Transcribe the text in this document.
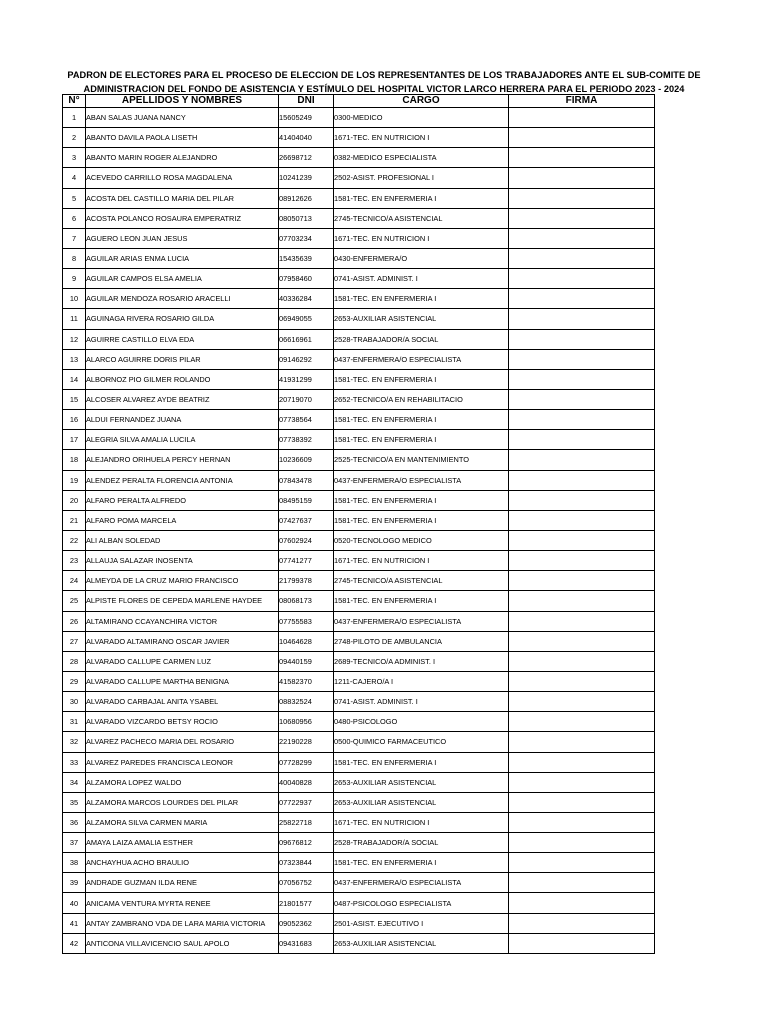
PADRON DE ELECTORES PARA EL PROCESO DE ELECCION DE LOS REPRESENTANTES DE LOS TRABAJADORES ANTE EL SUB-COMITE DE
ADMINISTRACION DEL FONDO DE ASISTENCIA Y ESTÍMULO DEL HOSPITAL VICTOR LARCO HERRERA PARA EL PERIODO 2023 - 2024
N°	APELLIDOS Y NOMBRES	DNI	CARGO	FIRMA
1	ABAN SALAS JUANA NANCY	15605249	0300-MEDICO	
2	ABANTO DAVILA PAOLA LISETH	41404040	1671-TEC. EN NUTRICION I	
3	ABANTO MARIN ROGER ALEJANDRO	26698712	0382-MEDICO ESPECIALISTA	
4	ACEVEDO CARRILLO ROSA MAGDALENA	10241239	2502-ASIST. PROFESIONAL I	
5	ACOSTA DEL CASTILLO MARIA DEL PILAR	08912626	1581-TEC. EN ENFERMERIA I	
6	ACOSTA POLANCO ROSAURA EMPERATRIZ	08050713	2745-TECNICO/A ASISTENCIAL	
7	AGUERO LEON JUAN JESUS	07703234	1671-TEC. EN NUTRICION I	
8	AGUILAR ARIAS ENMA LUCIA	15435639	0430-ENFERMERA/O	
9	AGUILAR CAMPOS ELSA AMELIA	07958460	0741-ASIST. ADMINIST. I	
10	AGUILAR MENDOZA ROSARIO ARACELLI	40336284	1581-TEC. EN ENFERMERIA I	
11	AGUINAGA RIVERA ROSARIO GILDA	06949055	2653-AUXILIAR ASISTENCIAL	
12	AGUIRRE CASTILLO ELVA EDA	06616961	2528-TRABAJADOR/A SOCIAL	
13	ALARCO AGUIRRE DORIS PILAR	09146292	0437-ENFERMERA/O ESPECIALISTA	
14	ALBORNOZ PIO GILMER ROLANDO	41931299	1581-TEC. EN ENFERMERIA I	
15	ALCOSER ALVAREZ AYDE BEATRIZ	20719070	2652-TECNICO/A EN REHABILITACIO	
16	ALDUI FERNANDEZ JUANA	07738564	1581-TEC. EN ENFERMERIA I	
17	ALEGRIA SILVA AMALIA LUCILA	07738392	1581-TEC. EN ENFERMERIA I	
18	ALEJANDRO ORIHUELA PERCY HERNAN	10236609	2525-TECNICO/A EN MANTENIMIENTO	
19	ALENDEZ PERALTA FLORENCIA ANTONIA	07843478	0437-ENFERMERA/O ESPECIALISTA	
20	ALFARO PERALTA ALFREDO	08495159	1581-TEC. EN ENFERMERIA I	
21	ALFARO POMA MARCELA	07427637	1581-TEC. EN ENFERMERIA I	
22	ALI ALBAN SOLEDAD	07602924	0520-TECNOLOGO MEDICO	
23	ALLAUJA SALAZAR INOSENTA	07741277	1671-TEC. EN NUTRICION I	
24	ALMEYDA DE LA CRUZ MARIO FRANCISCO	21799378	2745-TECNICO/A ASISTENCIAL	
25	ALPISTE FLORES DE CEPEDA MARLENE HAYDEE	08068173	1581-TEC. EN ENFERMERIA I	
26	ALTAMIRANO CCAYANCHIRA VICTOR	07755583	0437-ENFERMERA/O ESPECIALISTA	
27	ALVARADO ALTAMIRANO OSCAR JAVIER	10464628	2748-PILOTO DE AMBULANCIA	
28	ALVARADO CALLUPE CARMEN LUZ	09440159	2689-TECNICO/A ADMINIST. I	
29	ALVARADO CALLUPE MARTHA BENIGNA	41582370	1211-CAJERO/A I	
30	ALVARADO CARBAJAL ANITA YSABEL	08832524	0741-ASIST. ADMINIST. I	
31	ALVARADO VIZCARDO BETSY ROCIO	10680956	0480-PSICOLOGO	
32	ALVAREZ PACHECO MARIA DEL ROSARIO	22190228	0500-QUIMICO FARMACEUTICO	
33	ALVAREZ PAREDES FRANCISCA LEONOR	07728299	1581-TEC. EN ENFERMERIA I	
34	ALZAMORA LOPEZ WALDO	40040828	2653-AUXILIAR ASISTENCIAL	
35	ALZAMORA MARCOS LOURDES DEL PILAR	07722937	2653-AUXILIAR ASISTENCIAL	
36	ALZAMORA SILVA CARMEN MARIA	25822718	1671-TEC. EN NUTRICION I	
37	AMAYA LAIZA AMALIA ESTHER	09676812	2528-TRABAJADOR/A SOCIAL	
38	ANCHAYHUA ACHO BRAULIO	07323844	1581-TEC. EN ENFERMERIA I	
39	ANDRADE GUZMAN ILDA RENE	07056752	0437-ENFERMERA/O ESPECIALISTA	
40	ANICAMA VENTURA MYRTA RENEE	21801577	0487-PSICOLOGO ESPECIALISTA	
41	ANTAY ZAMBRANO VDA DE LARA MARIA VICTORIA	09052362	2501-ASIST. EJECUTIVO I	
42	ANTICONA VILLAVICENCIO SAUL APOLO	09431683	2653-AUXILIAR ASISTENCIAL	
